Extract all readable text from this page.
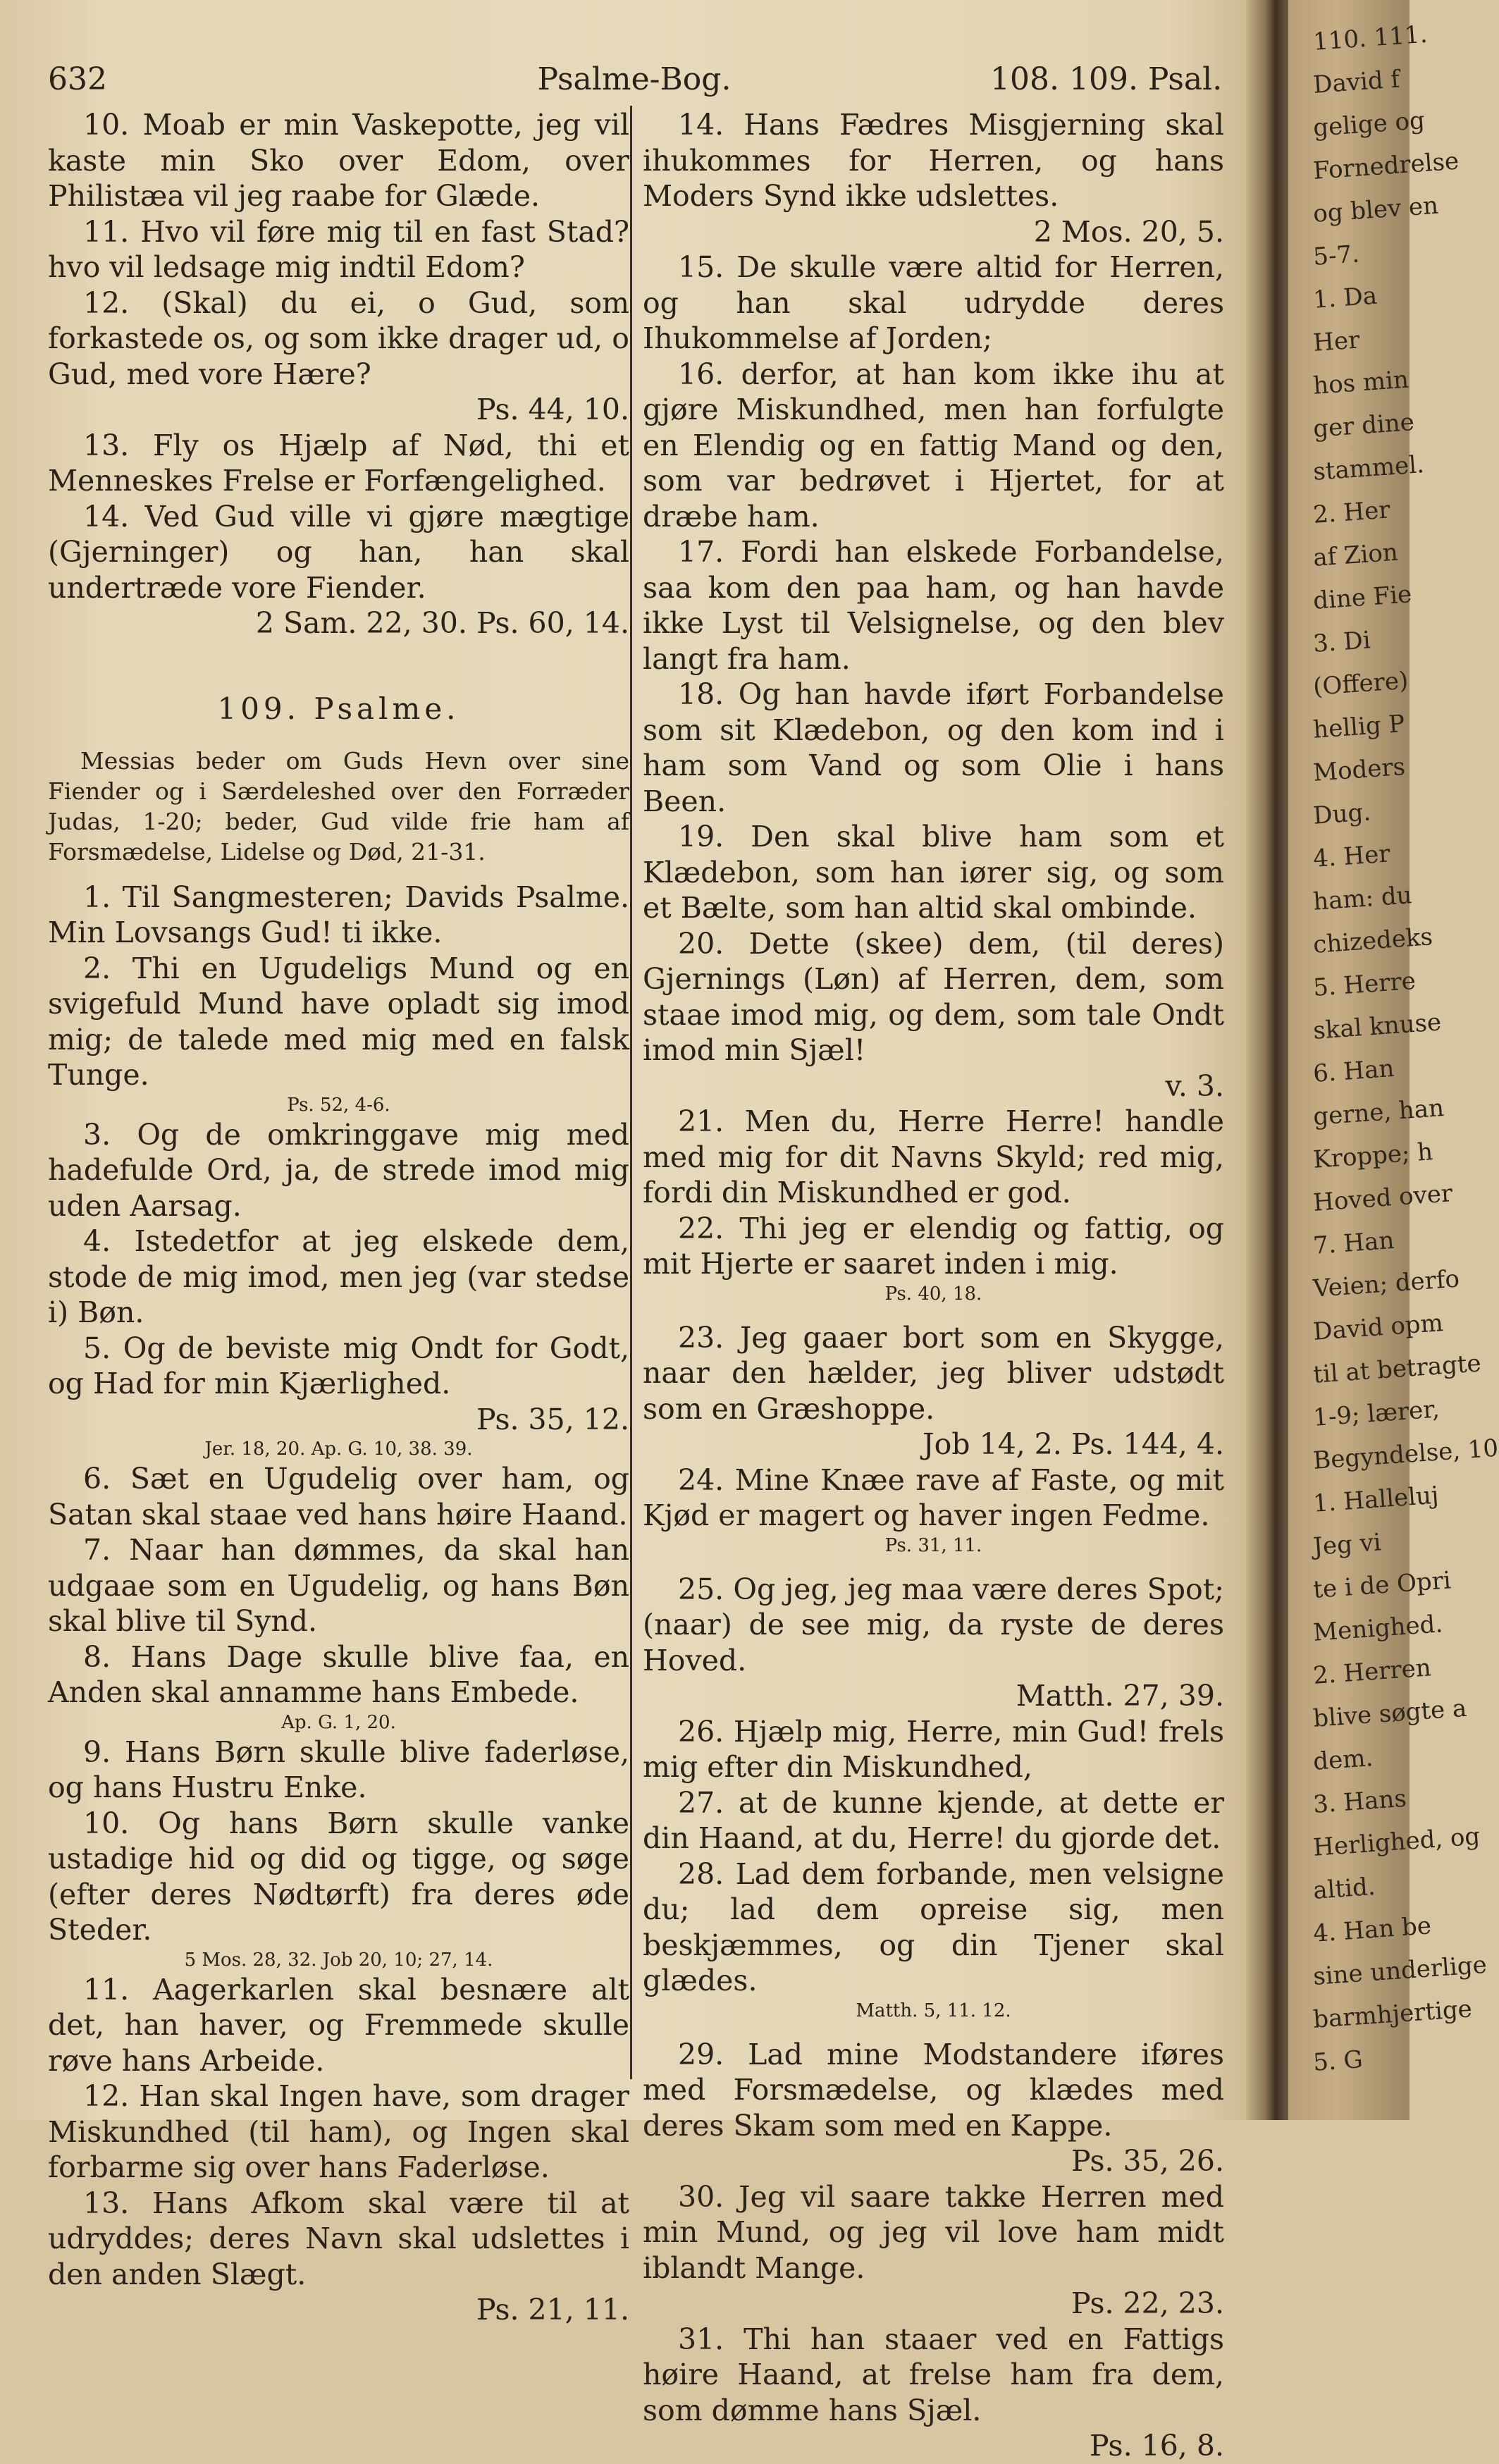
632	Psalme-Bog.	108. 109. Psal.

10. Moab er min Vaskepotte, jeg vil kaste min Sko over Edom, over Philistæa vil jeg raabe for Glæde.

11. Hvo vil føre mig til en fast Stad? hvo vil ledsage mig indtil Edom?

12. (Skal) du ei, o Gud, som forkastede os, og som ikke drager ud, o Gud, med vore Hære?
Ps. 44, 10.

13. Fly os Hjælp af Nød, thi et Menneskes Frelse er Forfængelighed.

14. Ved Gud ville vi gjøre mægtige (Gjerninger) og han, han skal undertræde vore Fiender.
2 Sam. 22, 30. Ps. 60, 14.

109. Psalme.

Messias beder om Guds Hevn over sine Fiender og i Særdeleshed over den Forræder Judas, 1-20; beder, Gud vilde frie ham af Forsmædelse, Lidelse og Død, 21-31.

1. Til Sangmesteren; Davids Psalme. Min Lovsangs Gud! ti ikke.

2. Thi en Ugudeligs Mund og en svigefuld Mund have opladt sig imod mig; de talede med mig med en falsk Tunge.

Ps. 52, 4-6.

3. Og de omkringgave mig med hadefulde Ord, ja, de strede imod mig uden Aarsag.

4. Istedetfor at jeg elskede dem, stode de mig imod, men jeg (var stedse i) Bøn.

5. Og de beviste mig Ondt for Godt, og Had for min Kjærlighed.
Ps. 35, 12.

Jer. 18, 20. Ap. G. 10, 38. 39.

6. Sæt en Ugudelig over ham, og Satan skal staae ved hans høire Haand.

7. Naar han dømmes, da skal han udgaae som en Ugudelig, og hans Bøn skal blive til Synd.

8. Hans Dage skulle blive faa, en Anden skal annamme hans Embede.

Ap. G. 1, 20.

9. Hans Børn skulle blive faderløse, og hans Hustru Enke.

10. Og hans Børn skulle vanke ustadige hid og did og tigge, og søge (efter deres Nødtørft) fra deres øde Steder.

5 Mos. 28, 32. Job 20, 10; 27, 14.

11. Aagerkarlen skal besnære alt det, han haver, og Fremmede skulle røve hans Arbeide.

12. Han skal Ingen have, som drager Miskundhed (til ham), og Ingen skal forbarme sig over hans Faderløse.

13. Hans Afkom skal være til at udryddes; deres Navn skal udslettes i den anden Slægt.
Ps. 21, 11.

14. Hans Fædres Misgjerning skal ihukommes for Herren, og hans Moders Synd ikke udslettes.
2 Mos. 20, 5.

15. De skulle være altid for Herren, og han skal udrydde deres Ihukommelse af Jorden;

16. derfor, at han kom ikke ihu at gjøre Miskundhed, men han forfulgte en Elendig og en fattig Mand og den, som var bedrøvet i Hjertet, for at dræbe ham.

17. Fordi han elskede Forbandelse, saa kom den paa ham, og han havde ikke Lyst til Velsignelse, og den blev langt fra ham.

18. Og han havde iført Forbandelse som sit Klædebon, og den kom ind i ham som Vand og som Olie i hans Been.

19. Den skal blive ham som et Klædebon, som han iører sig, og som et Bælte, som han altid skal ombinde.

20. Dette (skee) dem, (til deres) Gjernings (Løn) af Herren, dem, som staae imod mig, og dem, som tale Ondt imod min Sjæl!
v. 3.

21. Men du, Herre Herre! handle med mig for dit Navns Skyld; red mig, fordi din Miskundhed er god.

22. Thi jeg er elendig og fattig, og mit Hjerte er saaret inden i mig.

Ps. 40, 18.

23. Jeg gaaer bort som en Skygge, naar den hælder, jeg bliver udstødt som en Græshoppe.
Job 14, 2. Ps. 144, 4.

24. Mine Knæe rave af Faste, og mit Kjød er magert og haver ingen Fedme.

Ps. 31, 11.

25. Og jeg, jeg maa være deres Spot; (naar) de see mig, da ryste de deres Hoved.
Matth. 27, 39.

26. Hjælp mig, Herre, min Gud! frels mig efter din Miskundhed,

27. at de kunne kjende, at dette er din Haand, at du, Herre! du gjorde det.

28. Lad dem forbande, men velsigne du; lad dem opreise sig, men beskjæmmes, og din Tjener skal glædes.

Matth. 5, 11. 12.

29. Lad mine Modstandere iføres med Forsmædelse, og klædes med deres Skam som med en Kappe.
Ps. 35, 26.

30. Jeg vil saare takke Herren med min Mund, og jeg vil love ham midt iblandt Mange.
Ps. 22, 23.

31. Thi han staaer ved en Fattigs høire Haand, at frelse ham fra dem, som dømme hans Sjæl.
Ps. 16, 8.

110. 111.
David f
gelige og
Fornedrelse
og blev en
5-7.
1. Da
Her
hos min
ger dine
stammel.
2. Her
af Zion
dine Fie
3. Di
(Offere)
hellig P
Moders
Dug.
4. Her
ham: du
chizedeks
5. Herre
skal knuse
6. Han
gerne, han
Kroppe; h
Hoved over
7. Han
Veien; derfo
David opm
til at betragte
1-9; lærer,
Begyndelse, 10
1. Halleluj
Jeg vi
te i de Opri
Menighed.
2. Herren
blive søgte a
dem.
3. Hans
Herlighed, og
altid.
4. Han be
sine underlige
barmhjertige
5. G
